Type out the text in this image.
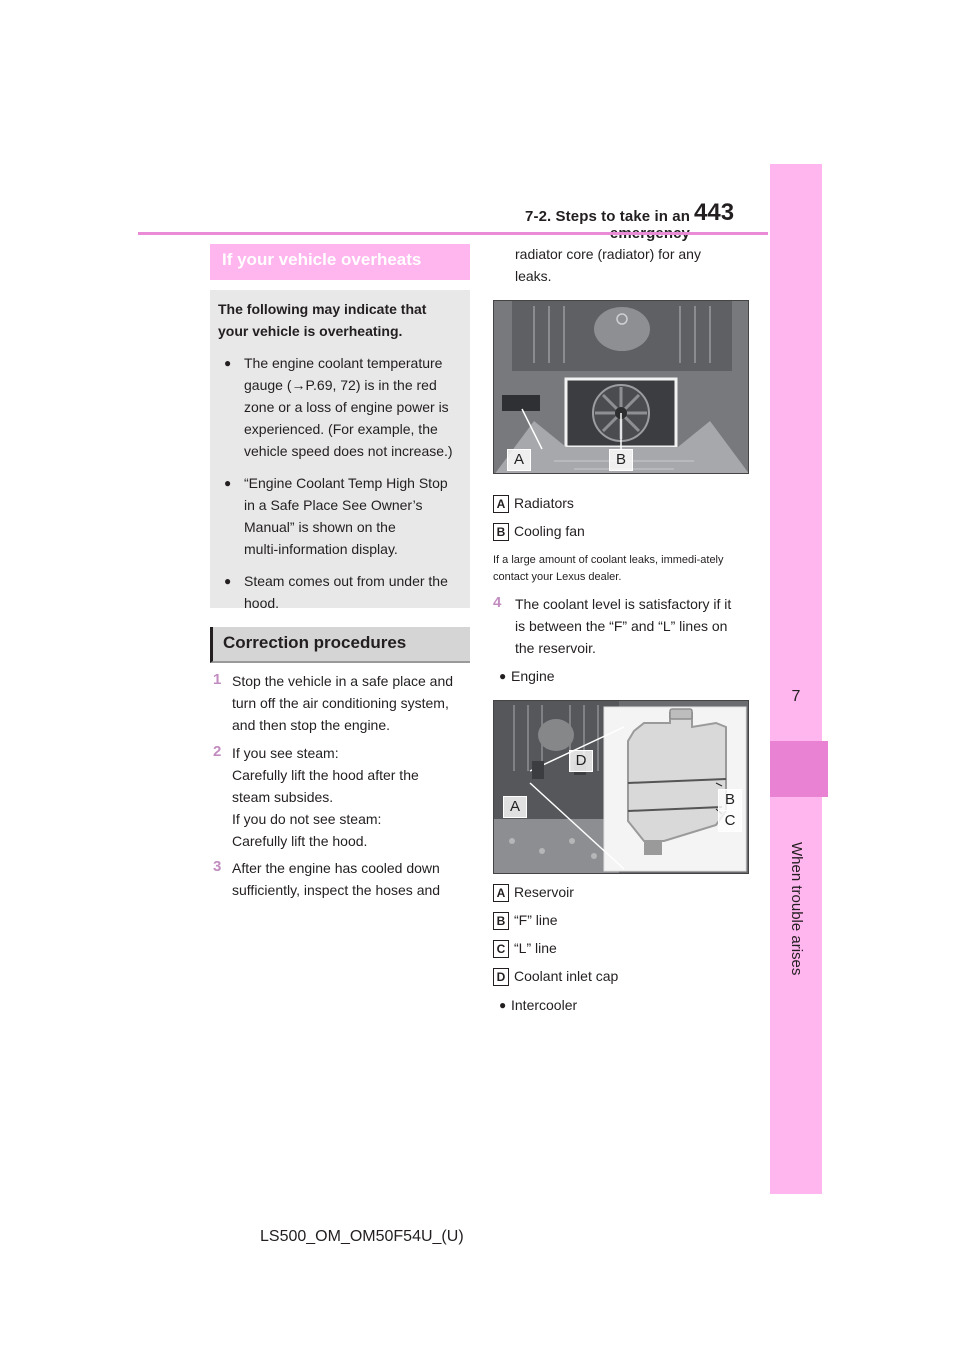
7-2. Steps to take in an 443
7
When trouble arises
If your vehicle overheats
The following may indicate that your vehicle is overheating.
● The engine coolant temperature
gauge (→P.69, 72) is in the red
zone or a loss of engine power is
experienced. (For example, the
vehicle speed does not increase.)
● “Engine Coolant Temp High Stop
in a Safe Place See Owner’s
Manual” is shown on the
multi-information display.
● Steam comes out from under the
hood.
Correction procedures
1 Stop the vehicle in a safe place and
turn off the air conditioning system,
and then stop the engine.
2 If you see steam:
Carefully lift the hood after the
steam subsides.
If you do not see steam:
Carefully lift the hood.
3 After the engine has cooled down
sufficiently, inspect the hoses and
radiator core (radiator) for any
leaks.
A	B
A Radiators
B Cooling fan
If a large amount of coolant leaks, immedi-ately contact your Lexus dealer.
4 The coolant level is satisfactory if it
is between the “F” and “L” lines on
the reservoir.
● Engine
A	B
C
D
A Reservoir
B “F” line
C “L” line
D Coolant inlet cap
● Intercooler
LS500_OM_OM50F54U_(U)
